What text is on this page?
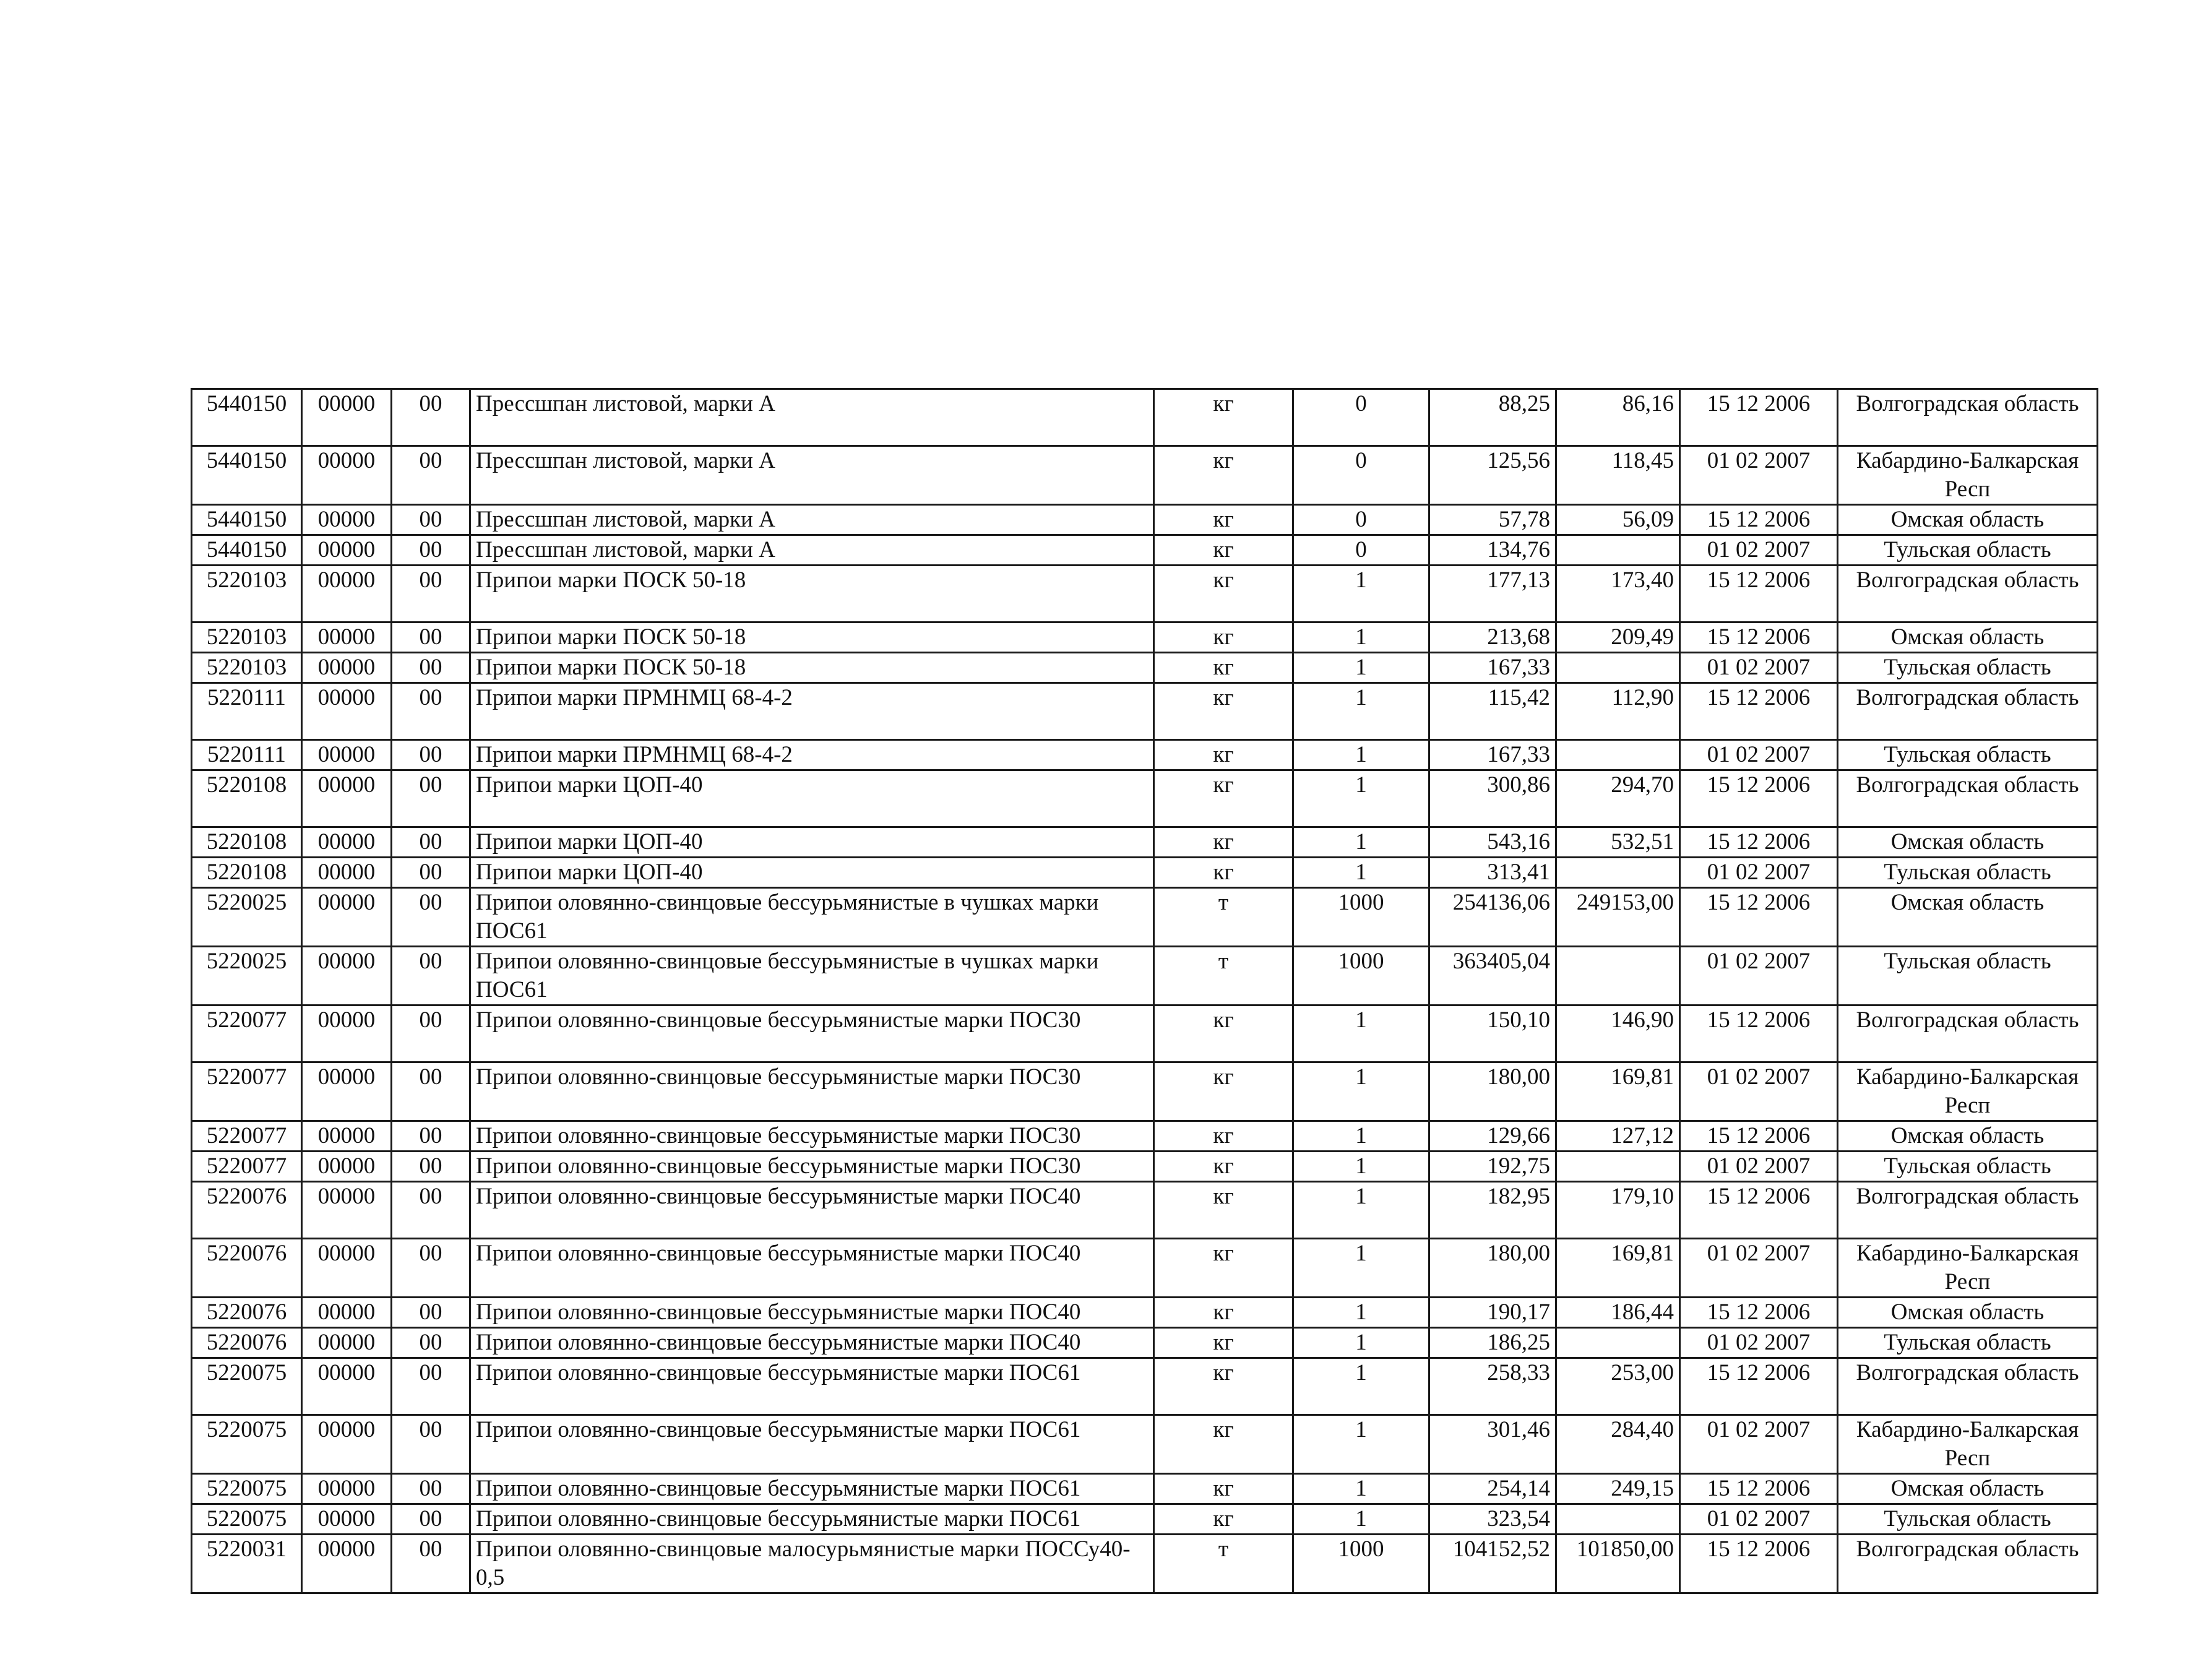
5440150	00000	00	Прессшпан листовой, марки А	кг	0	88,25	86,16	15 12 2006	Волгоградская область
5440150	00000	00	Прессшпан листовой, марки А	кг	0	125,56	118,45	01 02 2007	Кабардино-Балкарская Респ
5440150	00000	00	Прессшпан листовой, марки А	кг	0	57,78	56,09	15 12 2006	Омская область
5440150	00000	00	Прессшпан листовой, марки А	кг	0	134,76		01 02 2007	Тульская область
5220103	00000	00	Припои марки ПОСК 50-18	кг	1	177,13	173,40	15 12 2006	Волгоградская область
5220103	00000	00	Припои марки ПОСК 50-18	кг	1	213,68	209,49	15 12 2006	Омская область
5220103	00000	00	Припои марки ПОСК 50-18	кг	1	167,33		01 02 2007	Тульская область
5220111	00000	00	Припои марки ПРМНМЦ 68-4-2	кг	1	115,42	112,90	15 12 2006	Волгоградская область
5220111	00000	00	Припои марки ПРМНМЦ 68-4-2	кг	1	167,33		01 02 2007	Тульская область
5220108	00000	00	Припои марки ЦОП-40	кг	1	300,86	294,70	15 12 2006	Волгоградская область
5220108	00000	00	Припои марки ЦОП-40	кг	1	543,16	532,51	15 12 2006	Омская область
5220108	00000	00	Припои марки ЦОП-40	кг	1	313,41		01 02 2007	Тульская область
5220025	00000	00	Припои оловянно-свинцовые бессурьмянистые в чушках марки ПОС61	т	1000	254136,06	249153,00	15 12 2006	Омская область
5220025	00000	00	Припои оловянно-свинцовые бессурьмянистые в чушках марки ПОС61	т	1000	363405,04		01 02 2007	Тульская область
5220077	00000	00	Припои оловянно-свинцовые бессурьмянистые марки ПОС30	кг	1	150,10	146,90	15 12 2006	Волгоградская область
5220077	00000	00	Припои оловянно-свинцовые бессурьмянистые марки ПОС30	кг	1	180,00	169,81	01 02 2007	Кабардино-Балкарская Респ
5220077	00000	00	Припои оловянно-свинцовые бессурьмянистые марки ПОС30	кг	1	129,66	127,12	15 12 2006	Омская область
5220077	00000	00	Припои оловянно-свинцовые бессурьмянистые марки ПОС30	кг	1	192,75		01 02 2007	Тульская область
5220076	00000	00	Припои оловянно-свинцовые бессурьмянистые марки ПОС40	кг	1	182,95	179,10	15 12 2006	Волгоградская область
5220076	00000	00	Припои оловянно-свинцовые бессурьмянистые марки ПОС40	кг	1	180,00	169,81	01 02 2007	Кабардино-Балкарская Респ
5220076	00000	00	Припои оловянно-свинцовые бессурьмянистые марки ПОС40	кг	1	190,17	186,44	15 12 2006	Омская область
5220076	00000	00	Припои оловянно-свинцовые бессурьмянистые марки ПОС40	кг	1	186,25		01 02 2007	Тульская область
5220075	00000	00	Припои оловянно-свинцовые бессурьмянистые марки ПОС61	кг	1	258,33	253,00	15 12 2006	Волгоградская область
5220075	00000	00	Припои оловянно-свинцовые бессурьмянистые марки ПОС61	кг	1	301,46	284,40	01 02 2007	Кабардино-Балкарская Респ
5220075	00000	00	Припои оловянно-свинцовые бессурьмянистые марки ПОС61	кг	1	254,14	249,15	15 12 2006	Омская область
5220075	00000	00	Припои оловянно-свинцовые бессурьмянистые марки ПОС61	кг	1	323,54		01 02 2007	Тульская область
5220031	00000	00	Припои оловянно-свинцовые малосурьмянистые марки ПОССу40-0,5	т	1000	104152,52	101850,00	15 12 2006	Волгоградская область
